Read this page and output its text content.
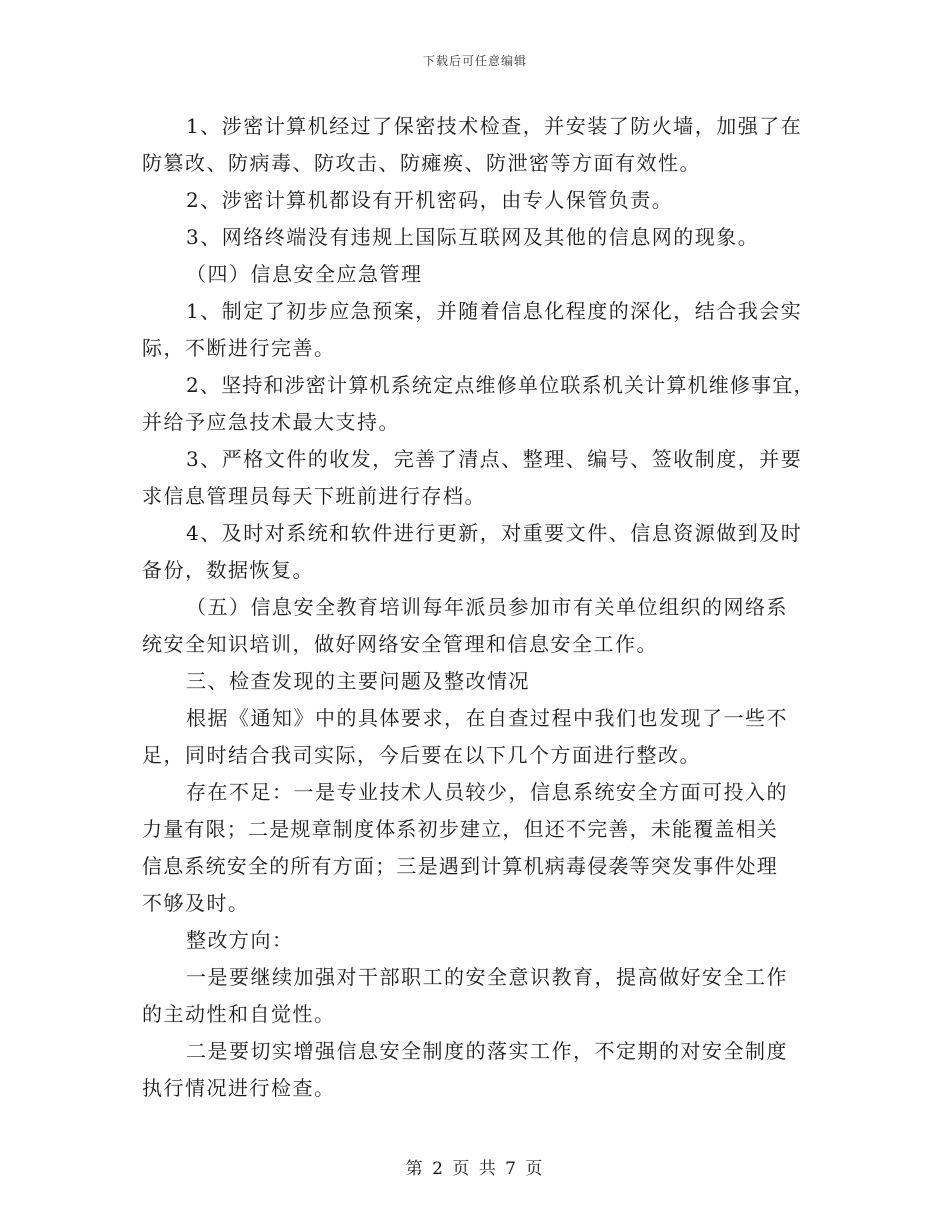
下载后可任意编辑
1、涉密计算机经过了保密技术检查，并安装了防火墙，加强了在
防篡改、防病毒、防攻击、防瘫痪、防泄密等方面有效性。
2、涉密计算机都设有开机密码，由专人保管负责。
3、网络终端没有违规上国际互联网及其他的信息网的现象。
（四）信息安全应急管理
1、制定了初步应急预案，并随着信息化程度的深化，结合我会实
际，不断进行完善。
2、坚持和涉密计算机系统定点维修单位联系机关计算机维修事宜，
并给予应急技术最大支持。
3、严格文件的收发，完善了清点、整理、编号、签收制度，并要
求信息管理员每天下班前进行存档。
4、及时对系统和软件进行更新，对重要文件、信息资源做到及时
备份，数据恢复。
（五）信息安全教育培训每年派员参加市有关单位组织的网络系
统安全知识培训，做好网络安全管理和信息安全工作。
三、检查发现的主要问题及整改情况
根据《通知》中的具体要求，在自查过程中我们也发现了一些不
足，同时结合我司实际，今后要在以下几个方面进行整改。
存在不足：一是专业技术人员较少，信息系统安全方面可投入的
力量有限；二是规章制度体系初步建立，但还不完善，未能覆盖相关
信息系统安全的所有方面；三是遇到计算机病毒侵袭等突发事件处理
不够及时。
整改方向：
一是要继续加强对干部职工的安全意识教育，提高做好安全工作
的主动性和自觉性。
二是要切实增强信息安全制度的落实工作，不定期的对安全制度
执行情况进行检查。
第 2 页 共 7 页
